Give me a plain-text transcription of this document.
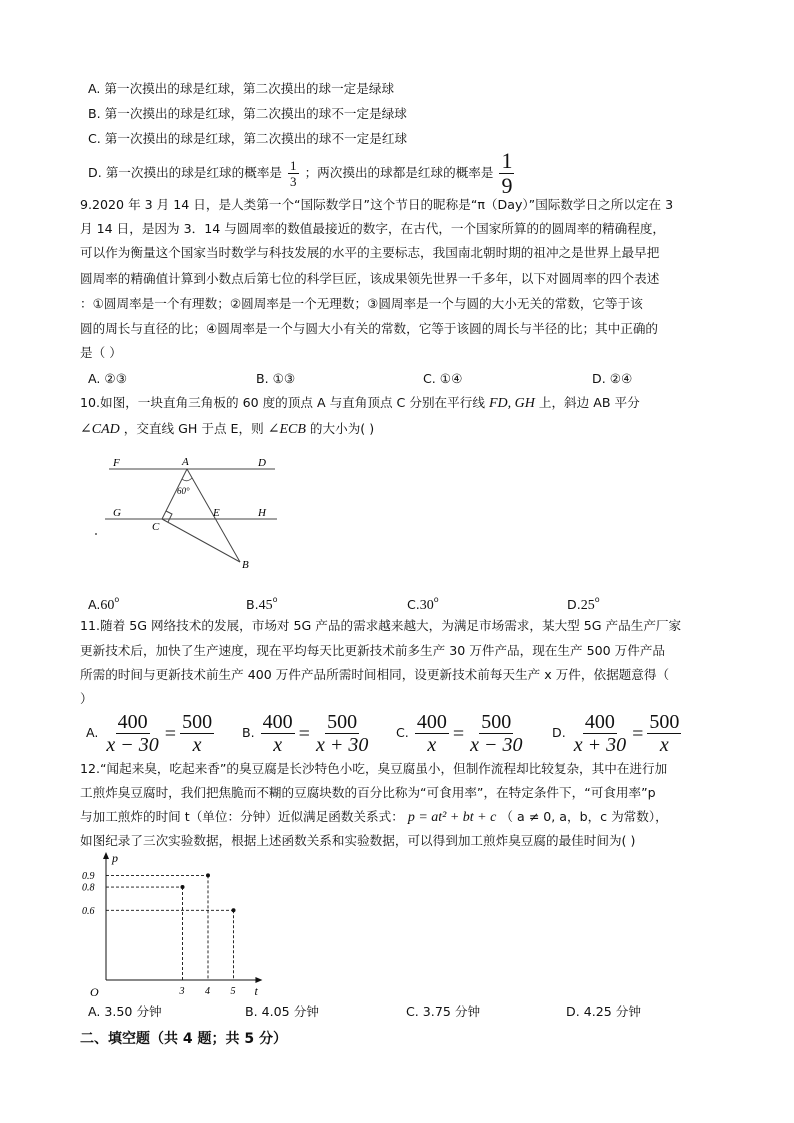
A. 第一次摸出的球是红球，第二次摸出的球一定是绿球
B. 第一次摸出的球是红球，第二次摸出的球不一定是绿球
C. 第一次摸出的球是红球，第二次摸出的球不一定是红球
D. 第一次摸出的球是红球的概率是 $\frac{1}{3}$ ；两次摸出的球都是红球的概率是 $\frac{1}{9}$
9.2020 年 3 月 14 日，是人类第一个“国际数学日”这个节日的昵称是“π（Day）”国际数学日之所以定在 3
月 14 日，是因为 3．14 与圆周率的数值最接近的数字，在古代，一个国家所算的的圆周率的精确程度，
可以作为衡量这个国家当时数学与科技发展的水平的主要标志，我国南北朝时期的祖冲之是世界上最早把
圆周率的精确值计算到小数点后第七位的科学巨匠，该成果领先世界一千多年，以下对圆周率的四个表述
：①圆周率是一个有理数；②圆周率是一个无理数；③圆周率是一个与圆的大小无关的常数，它等于该
圆的周长与直径的比；④圆周率是一个与圆大小有关的常数，它等于该圆的周长与半径的比；其中正确的
是（ ）
A. ②③	B. ①③	C. ①④	D. ②④
10.如图，一块直角三角板的 60 度的顶点 A 与直角顶点 C 分别在平行线 FD, GH 上，斜边 AB 平分
∠CAD ，交直线 GH 于点 E，则 ∠ECB 的大小为( )
F	A	D
60°
G
C
E	H
B
A.60$^o$	B.45$^o$	C.30$^o$	D.25$^o$
11.随着 5G 网络技术的发展，市场对 5G 产品的需求越来越大，为满足市场需求，某大型 5G 产品生产厂家
更新技术后，加快了生产速度，现在平均每天比更新技术前多生产 30 万件产品，现在生产 500 万件产品
所需的时间与更新技术前生产 400 万件产品所需时间相同，设更新技术前每天生产 x 万件，依据题意得（
）
A. $\frac{400}{x - 30} = \frac{500}{x} B$. $\frac{400}{x} = \frac{500}{x + 30} C$. $\frac{400}{x} = \frac{500}{x - 30} D$. $\frac{400}{x + 30} = \frac{500}{x}$
12.“闻起来臭，吃起来香”的臭豆腐是长沙特色小吃，臭豆腐虽小，但制作流程却比较复杂，其中在进行加
工煎炸臭豆腐时，我们把焦脆而不糊的豆腐块数的百分比称为“可食用率”，在特定条件下，“可食用率”p
与加工煎炸的时间 t（单位：分钟）近似满足函数关系式： p = at² + bt + c （ a ≠ 0, a，b，c 为常数），
如图纪录了三次实验数据，根据上述函数关系和实验数据，可以得到加工煎炸臭豆腐的最佳时间为( )
3 4 5
0.9
0.8
0.6
O	t
p
A. 3.50 分钟	B. 4.05 分钟	C. 3.75 分钟	D. 4.25 分钟
二、填空题（共 4 题；共 5 分）
